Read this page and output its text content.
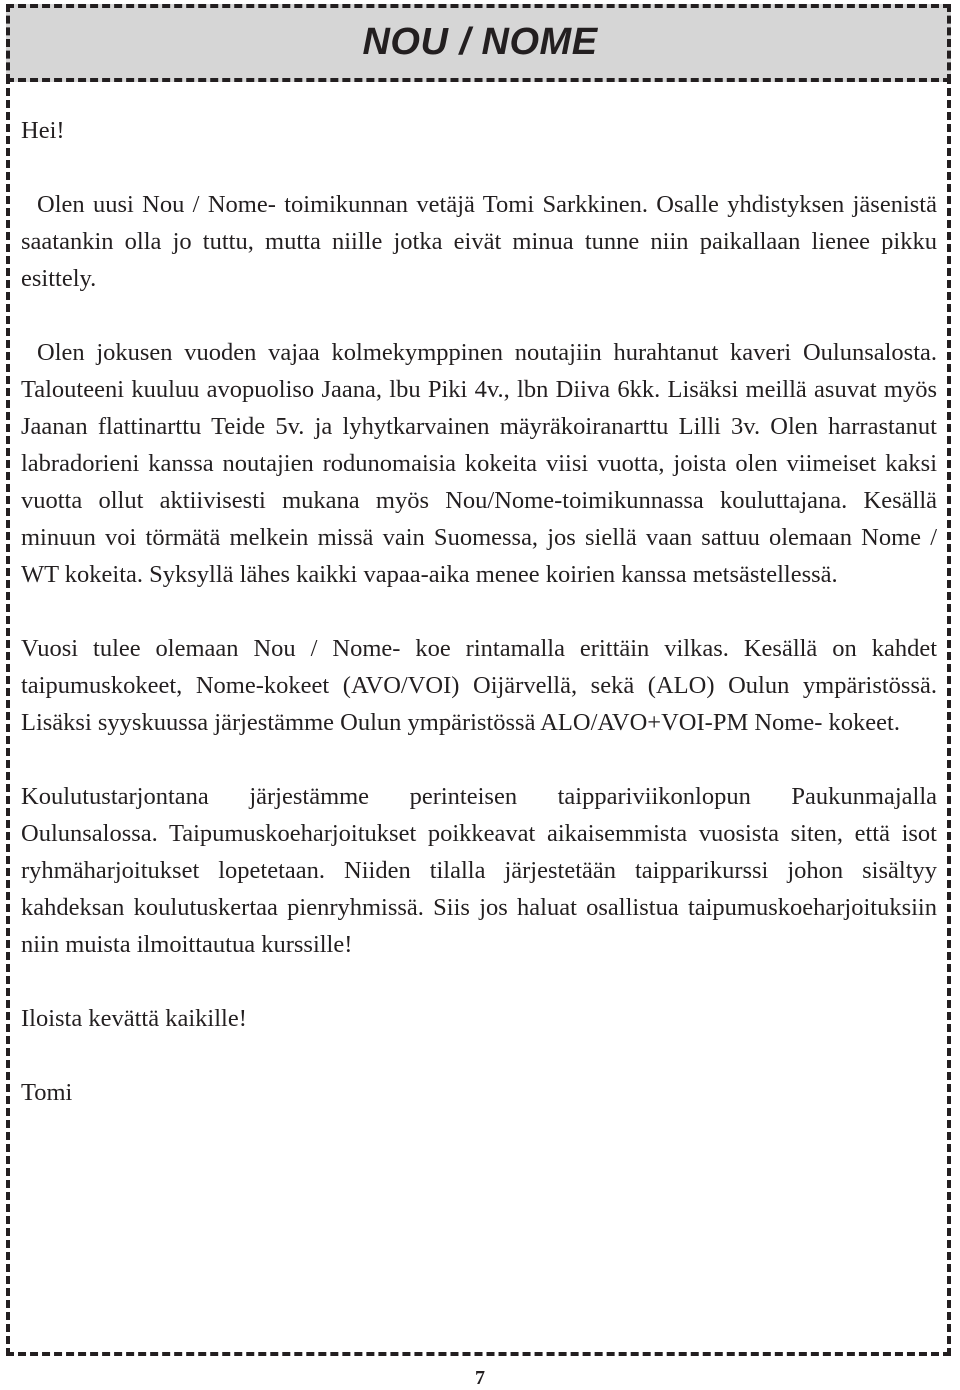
NOU / NOME

Hei!

Olen uusi Nou / Nome- toimikunnan vetäjä Tomi Sarkkinen. Osalle yhdistyksen jäsenistä saatankin olla jo tuttu, mutta niille jotka eivät minua tunne niin paikallaan lienee pikku esittely.

Olen jokusen vuoden vajaa kolmekymppinen noutajiin hurahtanut kaveri Oulunsalosta. Talouteeni kuuluu avopuoliso Jaana, lbu Piki 4v., lbn Diiva 6kk. Lisäksi meillä asuvat myös Jaanan flattinarttu Teide 5v. ja lyhytkarvainen mäyräkoiranarttu Lilli 3v. Olen harrastanut labradorieni kanssa noutajien rodunomaisia kokeita viisi vuotta, joista olen viimeiset kaksi vuotta ollut aktiivisesti mukana myös Nou/Nome-toimikunnassa kouluttajana. Kesällä minuun voi törmätä melkein missä vain Suomessa, jos siellä vaan sattuu olemaan Nome / WT kokeita. Syksyllä lähes kaikki vapaa-aika menee koirien kanssa metsästellessä.

Vuosi tulee olemaan Nou / Nome- koe rintamalla erittäin vilkas. Kesällä on kahdet taipumuskokeet, Nome-kokeet (AVO/VOI) Oijärvellä, sekä (ALO) Oulun ympäristössä. Lisäksi syyskuussa järjestämme Oulun ympäristössä ALO/AVO+VOI-PM Nome- kokeet.

Koulutustarjontana järjestämme perinteisen taippariviikonlopun Paukunmajalla Oulunsalossa. Taipumuskoeharjoitukset poikkeavat aikaisemmista vuosista siten, että isot ryhmäharjoitukset lopetetaan. Niiden tilalla järjestetään taipparikurssi johon sisältyy kahdeksan koulutuskertaa pienryhmissä. Siis jos haluat osallistua taipumuskoeharjoituksiin niin muista ilmoittautua kurssille!

Iloista kevättä kaikille!

Tomi

7
